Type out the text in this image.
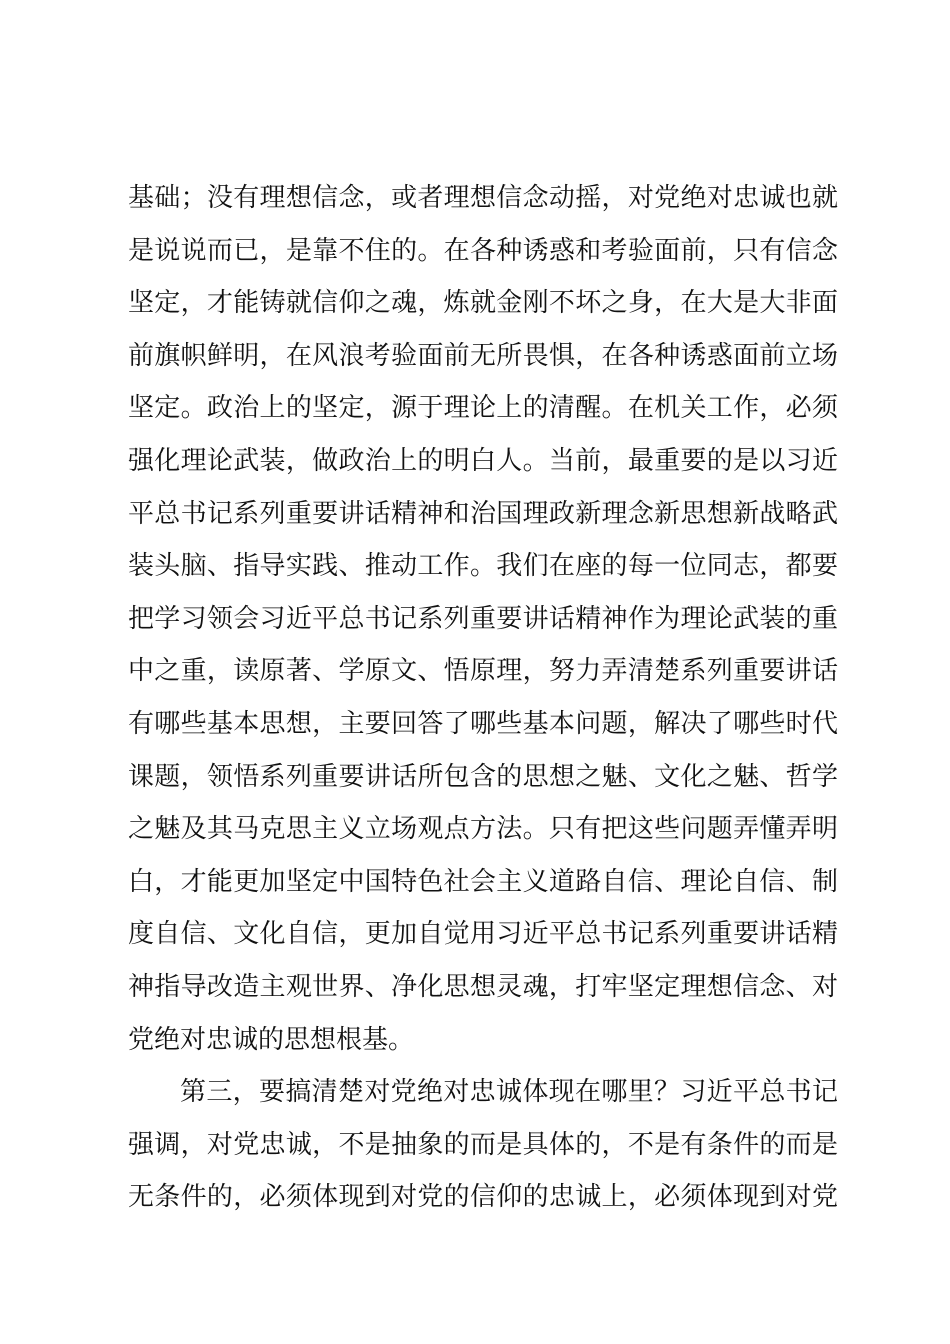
基础；没有理想信念，或者理想信念动摇，对党绝对忠诚也就
是说说而已，是靠不住的。在各种诱惑和考验面前，只有信念
坚定，才能铸就信仰之魂，炼就金刚不坏之身，在大是大非面
前旗帜鲜明，在风浪考验面前无所畏惧，在各种诱惑面前立场
坚定。政治上的坚定，源于理论上的清醒。在机关工作，必须
强化理论武装，做政治上的明白人。当前，最重要的是以习近
平总书记系列重要讲话精神和治国理政新理念新思想新战略武
装头脑、指导实践、推动工作。我们在座的每一位同志，都要
把学习领会习近平总书记系列重要讲话精神作为理论武装的重
中之重，读原著、学原文、悟原理，努力弄清楚系列重要讲话
有哪些基本思想，主要回答了哪些基本问题，解决了哪些时代
课题，领悟系列重要讲话所包含的思想之魅、文化之魅、哲学
之魅及其马克思主义立场观点方法。只有把这些问题弄懂弄明
白，才能更加坚定中国特色社会主义道路自信、理论自信、制
度自信、文化自信，更加自觉用习近平总书记系列重要讲话精
神指导改造主观世界、净化思想灵魂，打牢坚定理想信念、对
党绝对忠诚的思想根基。
第三，要搞清楚对党绝对忠诚体现在哪里？习近平总书记
强调，对党忠诚，不是抽象的而是具体的，不是有条件的而是
无条件的，必须体现到对党的信仰的忠诚上，必须体现到对党
